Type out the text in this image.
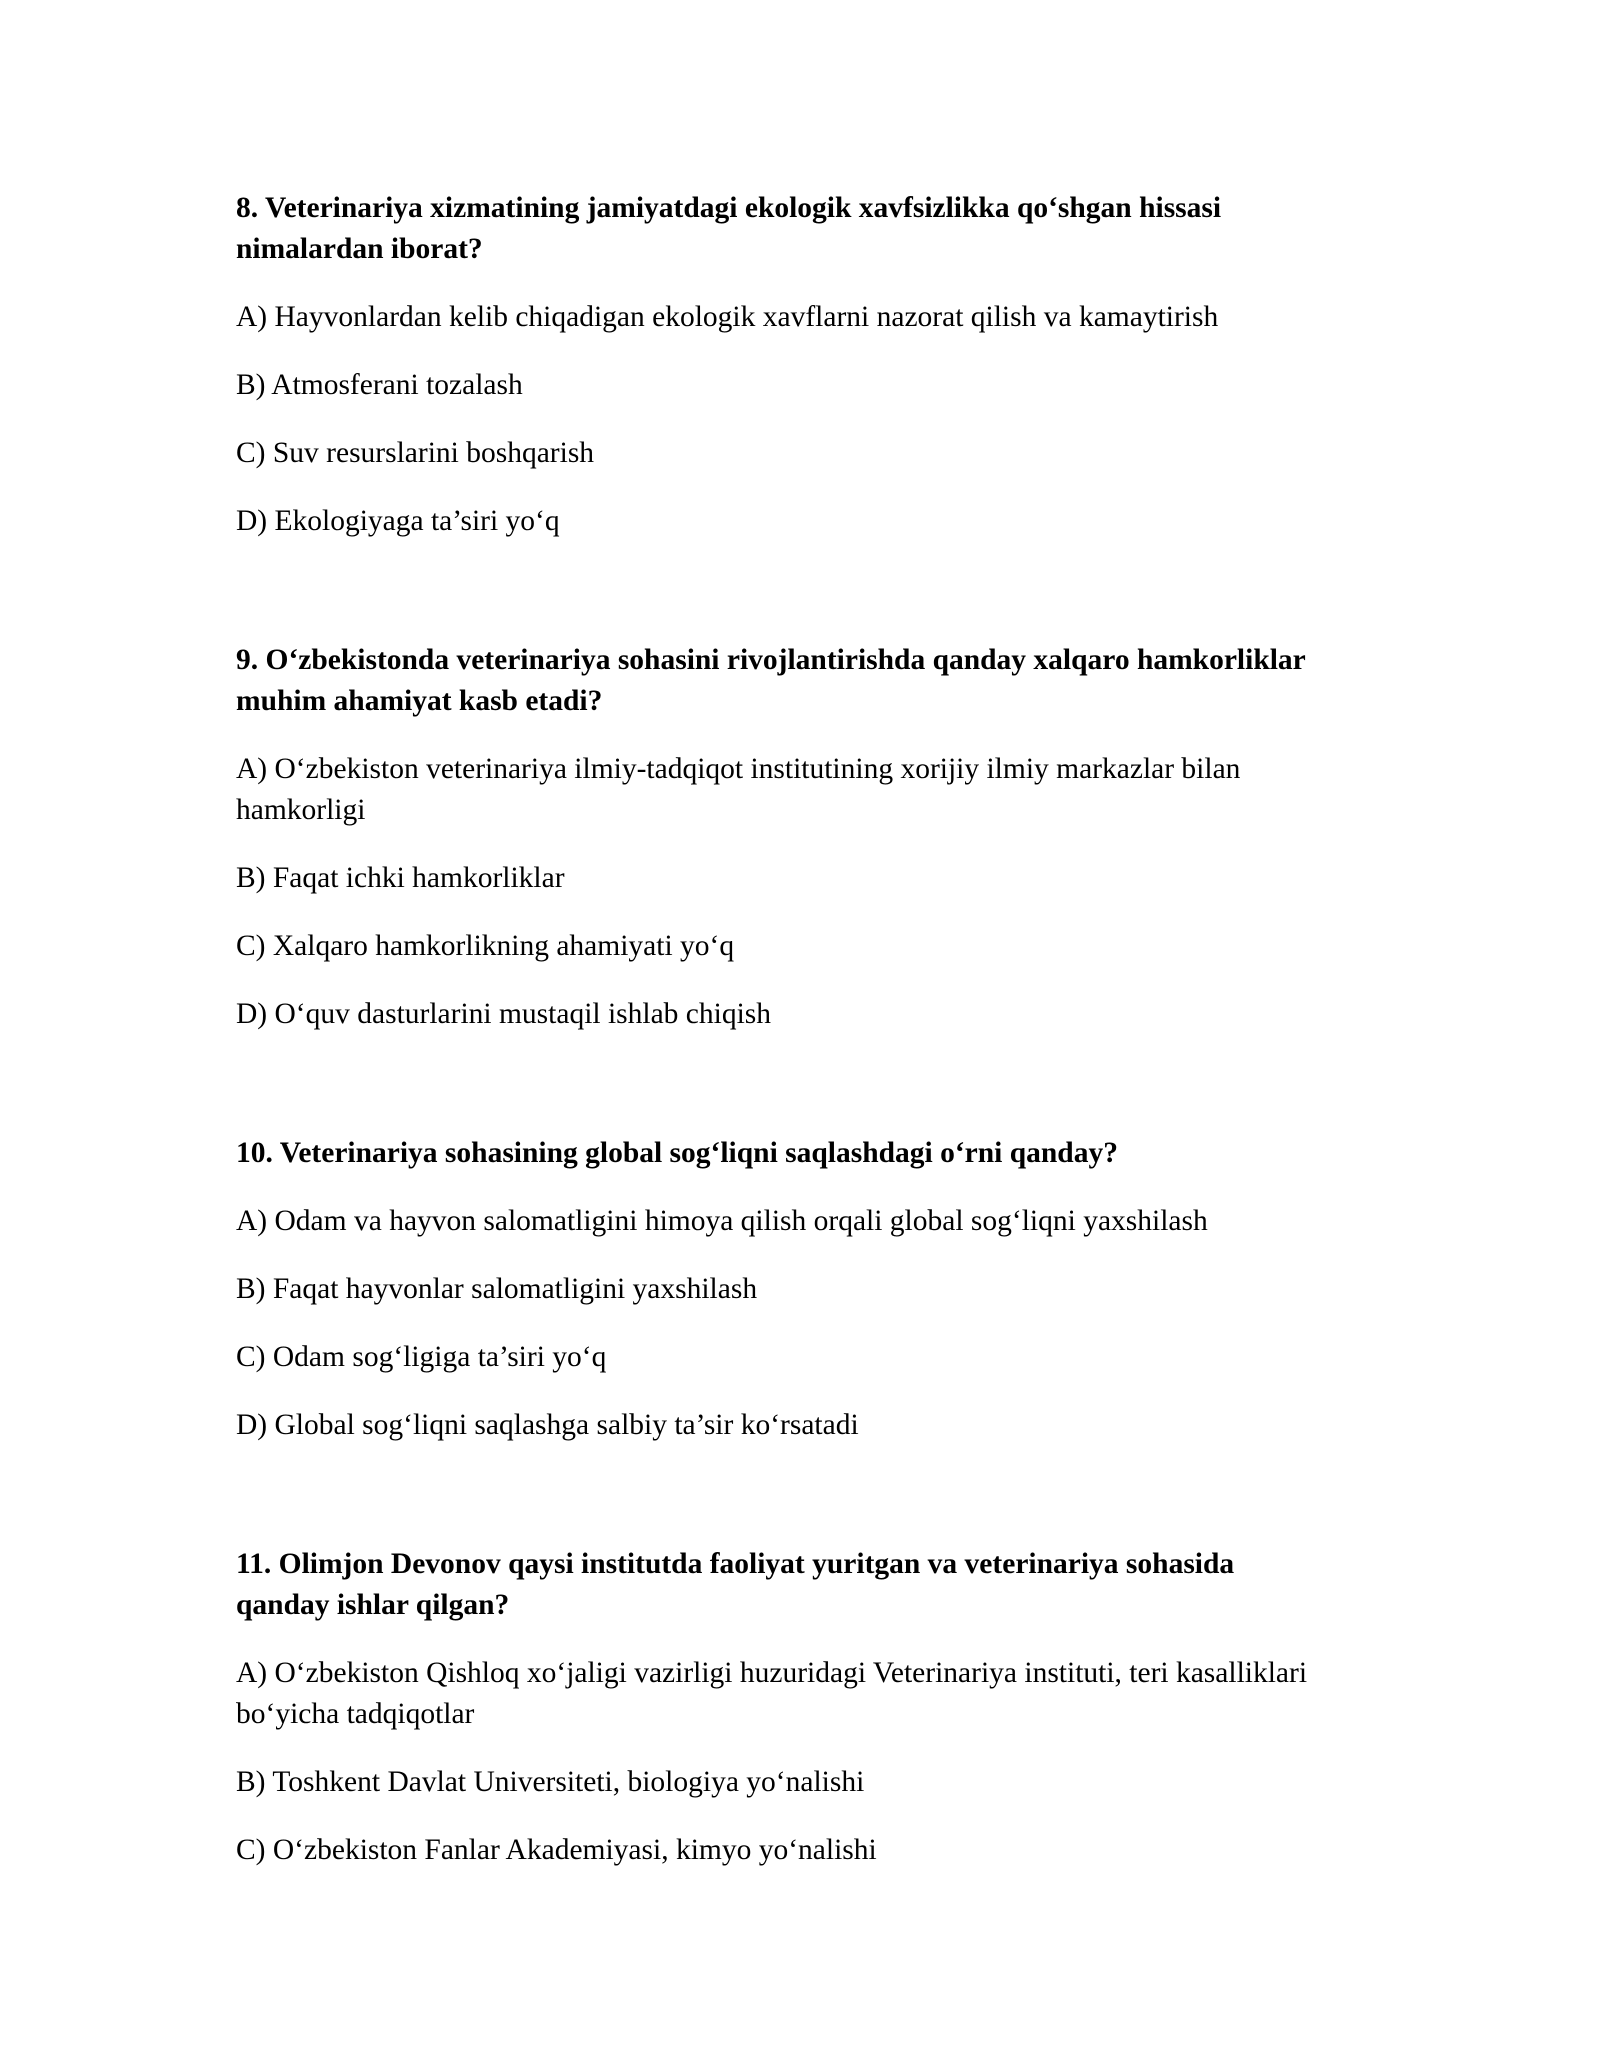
8. Veterinariya xizmatining jamiyatdagi ekologik xavfsizlikka qo‘shgan hissasi nimalardan iborat?

A) Hayvonlardan kelib chiqadigan ekologik xavflarni nazorat qilish va kamaytirish

B) Atmosferani tozalash

C) Suv resurslarini boshqarish

D) Ekologiyaga ta’siri yo‘q

9. O‘zbekistonda veterinariya sohasini rivojlantirishda qanday xalqaro hamkorliklar muhim ahamiyat kasb etadi?

A) O‘zbekiston veterinariya ilmiy-tadqiqot institutining xorijiy ilmiy markazlar bilan hamkorligi

B) Faqat ichki hamkorliklar

C) Xalqaro hamkorlikning ahamiyati yo‘q

D) O‘quv dasturlarini mustaqil ishlab chiqish

10. Veterinariya sohasining global sog‘liqni saqlashdagi o‘rni qanday?

A) Odam va hayvon salomatligini himoya qilish orqali global sog‘liqni yaxshilash

B) Faqat hayvonlar salomatligini yaxshilash

C) Odam sog‘ligiga ta’siri yo‘q

D) Global sog‘liqni saqlashga salbiy ta’sir ko‘rsatadi

11. Olimjon Devonov qaysi institutda faoliyat yuritgan va veterinariya sohasida qanday ishlar qilgan?

A) O‘zbekiston Qishloq xo‘jaligi vazirligi huzuridagi Veterinariya instituti, teri kasalliklari bo‘yicha tadqiqotlar

B) Toshkent Davlat Universiteti, biologiya yo‘nalishi

C) O‘zbekiston Fanlar Akademiyasi, kimyo yo‘nalishi
